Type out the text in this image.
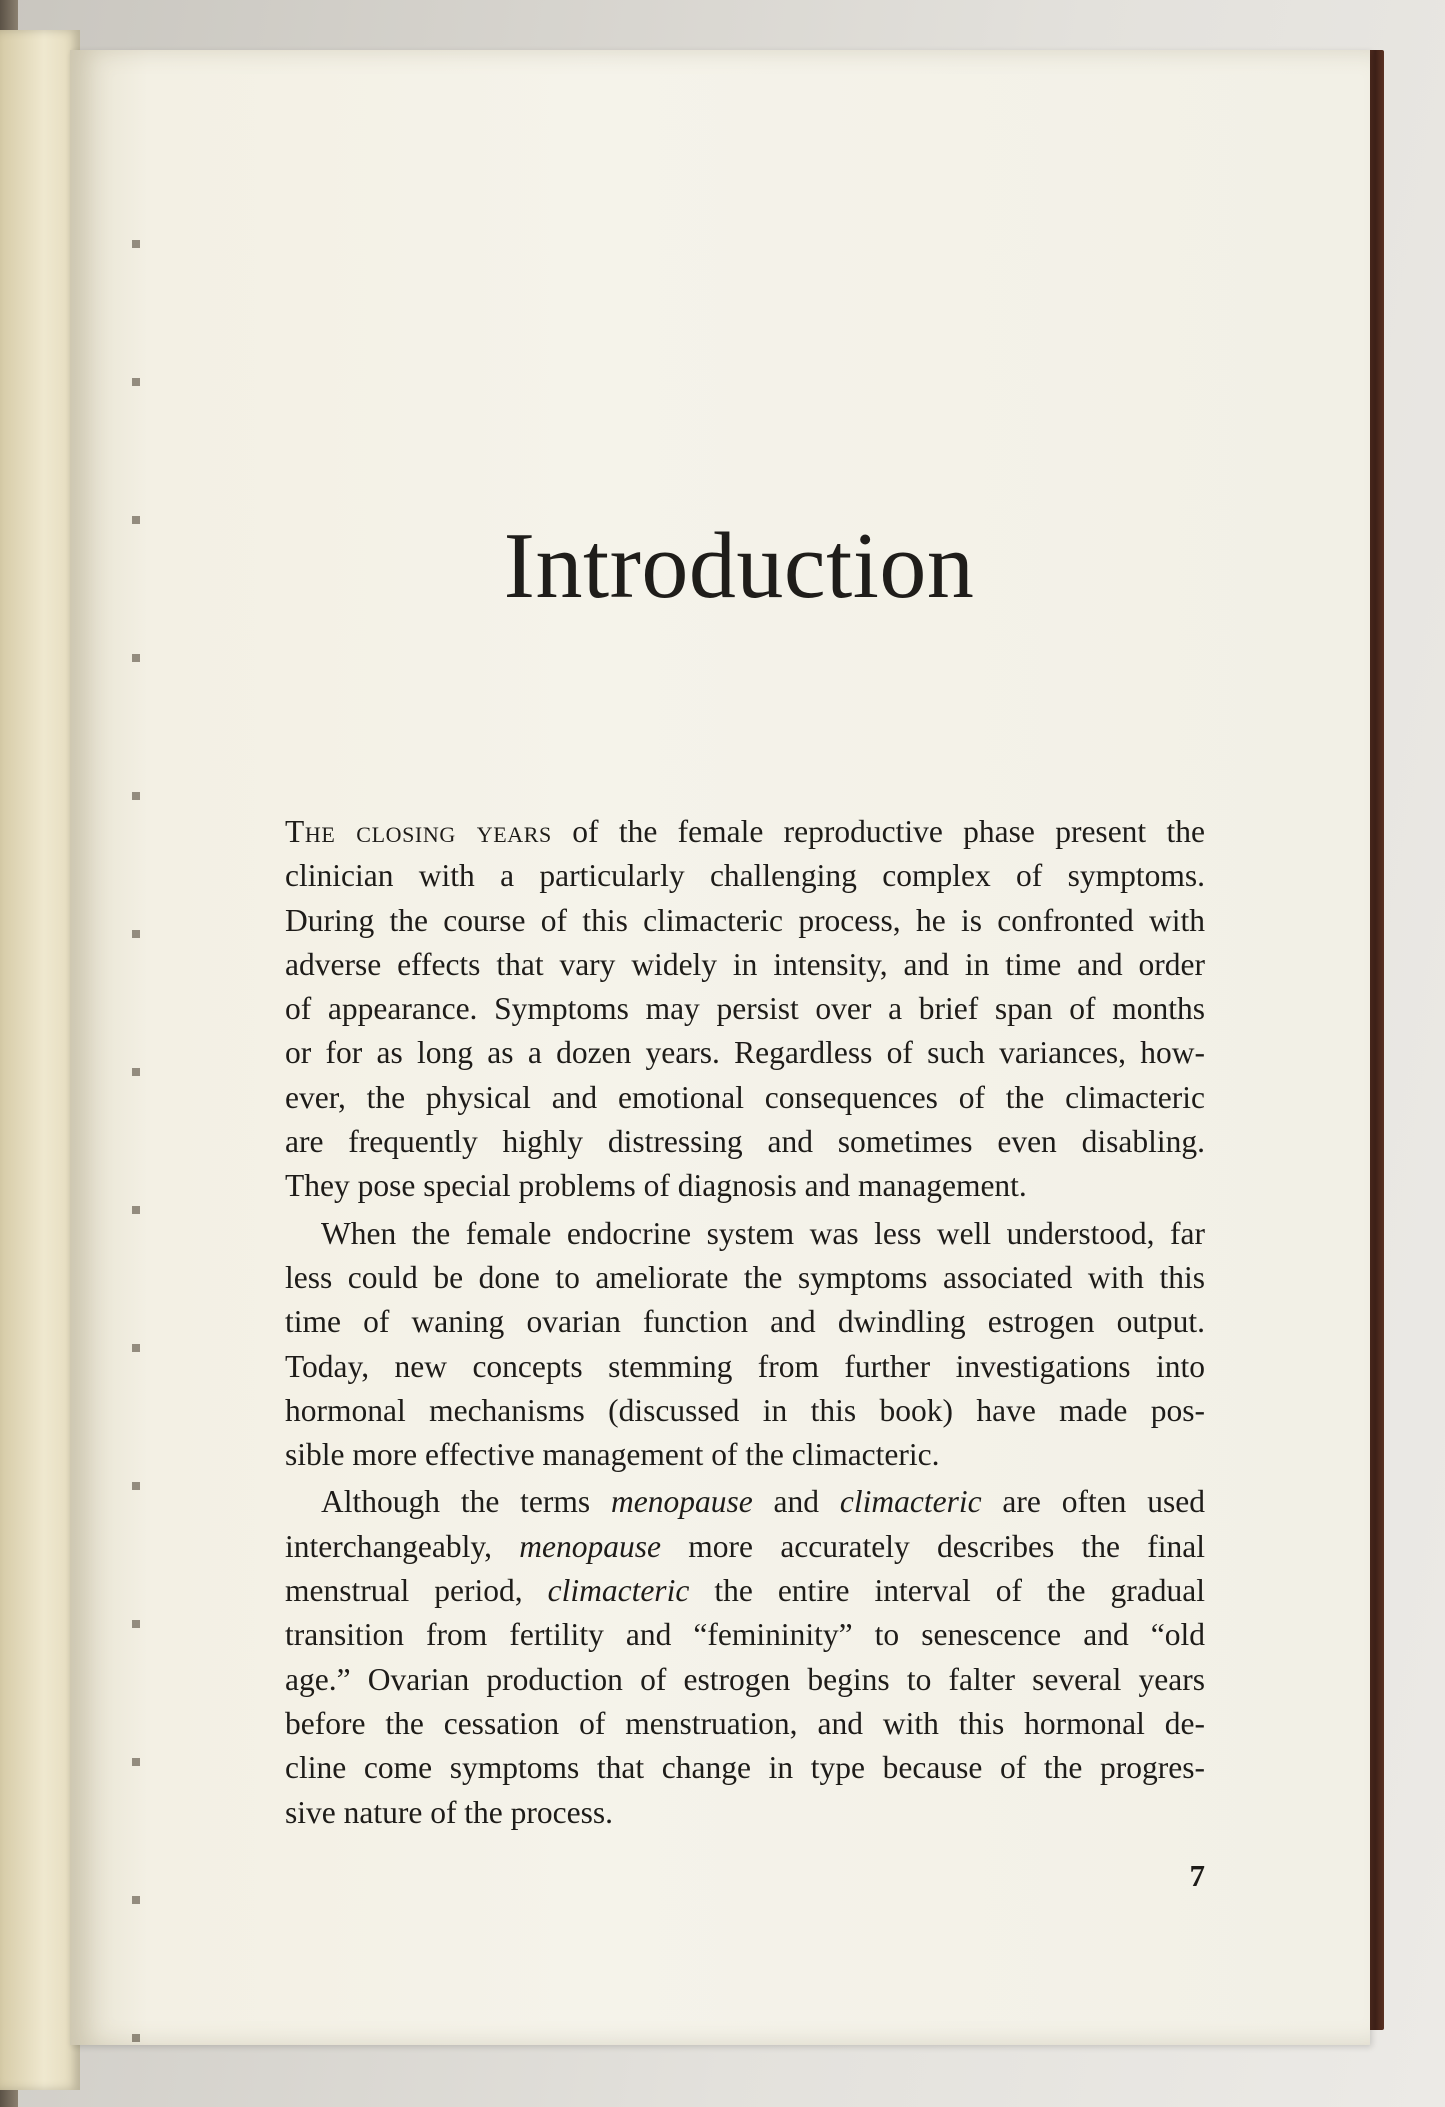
Introduction

The closing years of the female reproductive phase present the
clinician with a particularly challenging complex of symptoms.
During the course of this climacteric process, he is confronted with
adverse effects that vary widely in intensity, and in time and order
of appearance. Symptoms may persist over a brief span of months
or for as long as a dozen years. Regardless of such variances, how-
ever, the physical and emotional consequences of the climacteric
are frequently highly distressing and sometimes even disabling.
They pose special problems of diagnosis and management.

When the female endocrine system was less well understood, far
less could be done to ameliorate the symptoms associated with this
time of waning ovarian function and dwindling estrogen output.
Today, new concepts stemming from further investigations into
hormonal mechanisms (discussed in this book) have made pos-
sible more effective management of the climacteric.

Although the terms menopause and climacteric are often used
interchangeably, menopause more accurately describes the final
menstrual period, climacteric the entire interval of the gradual
transition from fertility and “femininity” to senescence and “old
age.” Ovarian production of estrogen begins to falter several years
before the cessation of menstruation, and with this hormonal de-
cline come symptoms that change in type because of the progres-
sive nature of the process.

7
